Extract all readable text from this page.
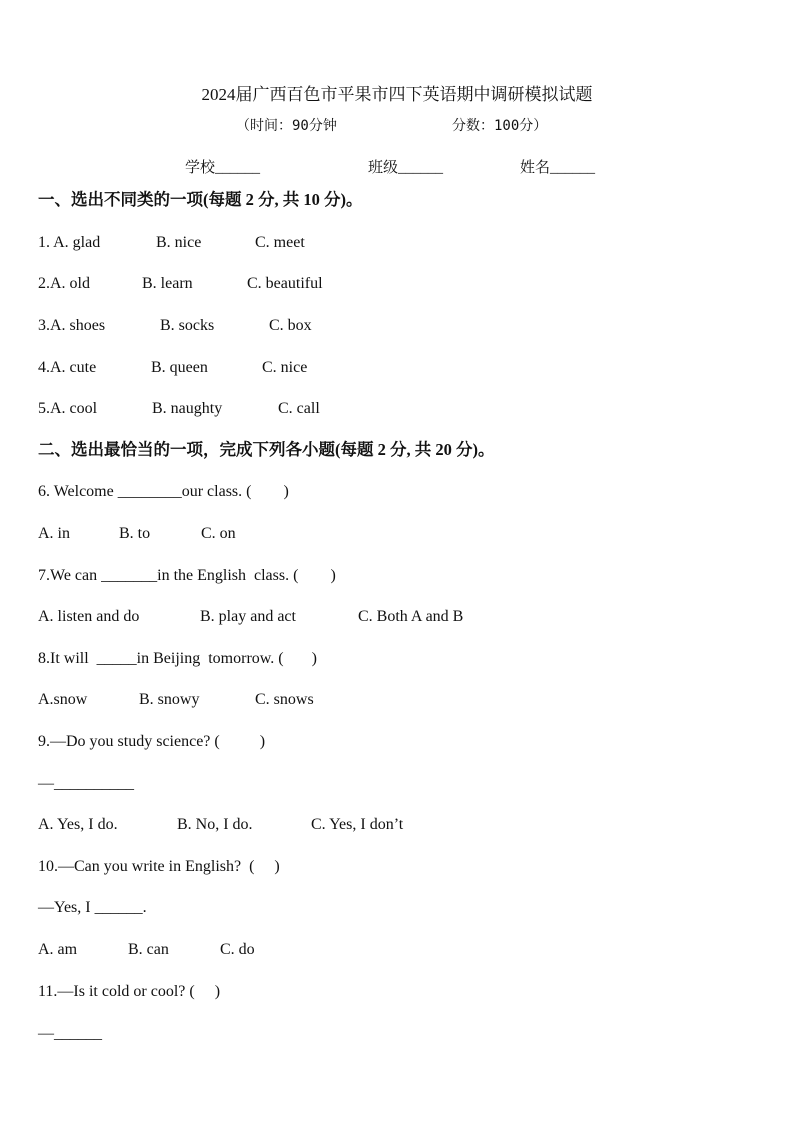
2024届广西百色市平果市四下英语期中调研模拟试题
（时间：90分钟	分数：100分）
学校______	班级______	姓名______
一、选出不同类的一项(每题 2 分, 共 10 分)。
1. A. glad	B. nice	C. meet
2.A. old	B. learn	C. beautiful
3.A. shoes	B. socks	C. box
4.A. cute	B. queen	C. nice
5.A. cool	B. naughty	C. call
二、选出最恰当的一项，完成下列各小题(每题 2 分, 共 20 分)。
6. Welcome ________our class. (        )
A. in	B. to	C. on
7.We can _______in the English  class. (        )
A. listen and do	B. play and act	C. Both A and B
8.It will  _____in Beijing  tomorrow. (       )
A.snow	B. snowy	C. snows
9.—Do you study science? (          )
—__________
A. Yes, I do.	B. No, I do.	C. Yes, I don’t
10.—Can you write in English?  (     )
—Yes, I ______.
A. am	B. can	C. do
11.—Is it cold or cool? (     )
—______
